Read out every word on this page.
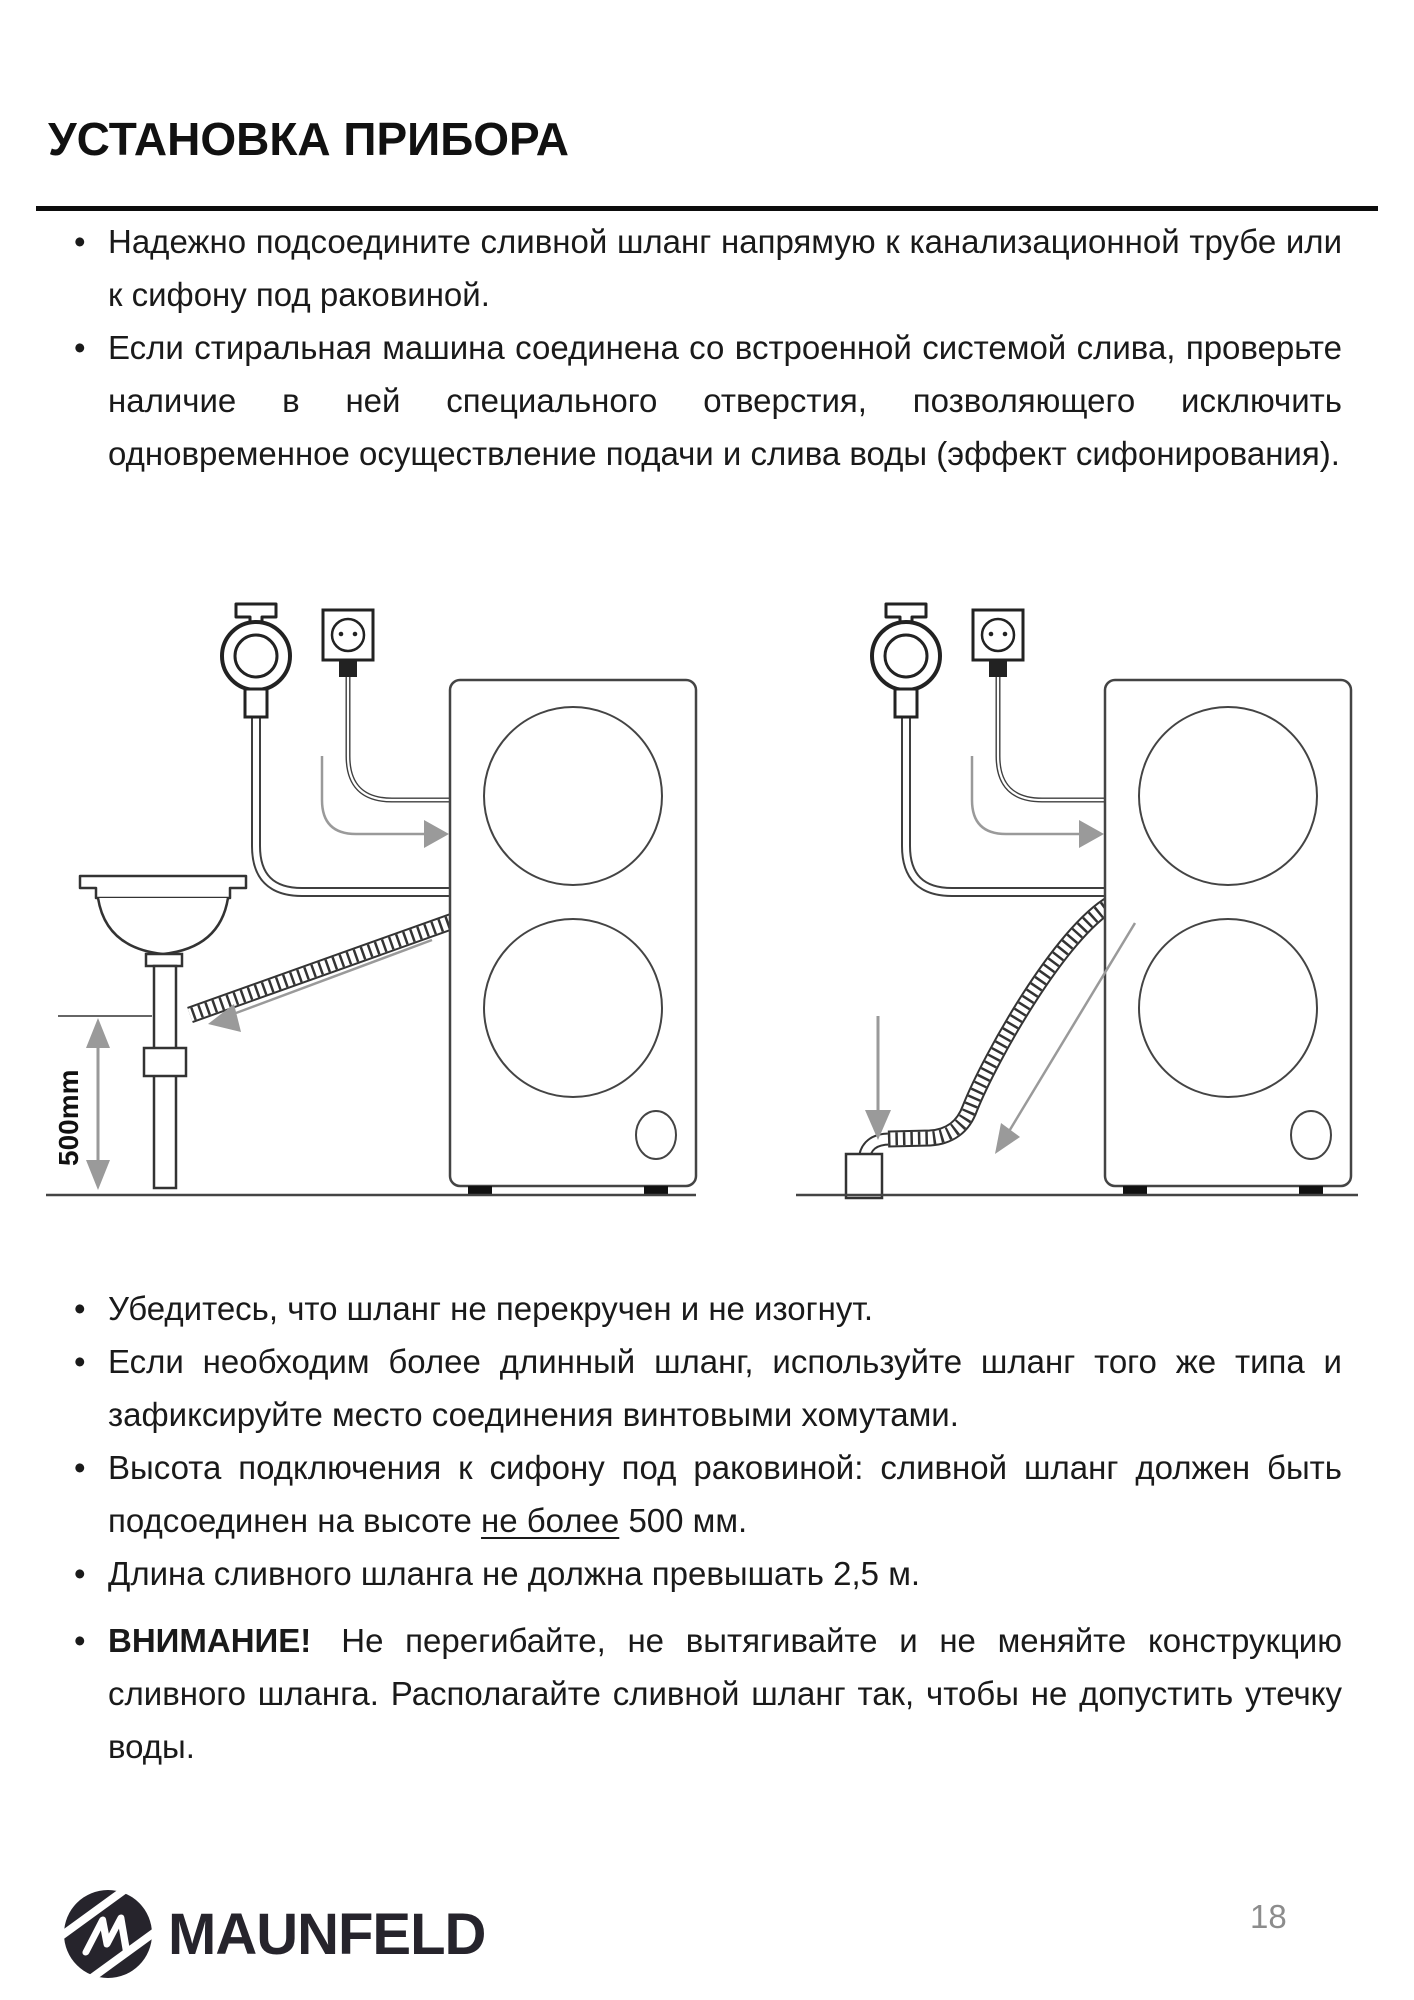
УСТАНОВКА ПРИБОРА
• Надежно подсоедините сливной шланг напрямую к канализационной трубе или к сифону под раковиной.
• Если стиральная машина соединена со встроенной системой слива, проверьте наличие в ней специального отверстия, позволяющего исключить одновременное осуществление подачи и слива воды (эффект сифонирования).
500mm
• Убедитесь, что шланг не перекручен и не изогнут.
• Если необходим более длинный шланг, используйте шланг того же типа и зафиксируйте место соединения винтовыми хомутами.
• Высота подключения к сифону под раковиной: сливной шланг должен быть подсоединен на высоте не более 500 мм.
• Длина сливного шланга не должна превышать 2,5 м.
• ВНИМАНИЕ! Не перегибайте, не вытягивайте и не меняйте конструкцию сливного шланга. Располагайте сливной шланг так, чтобы не допустить утечку воды.
MAUNFELD	18
